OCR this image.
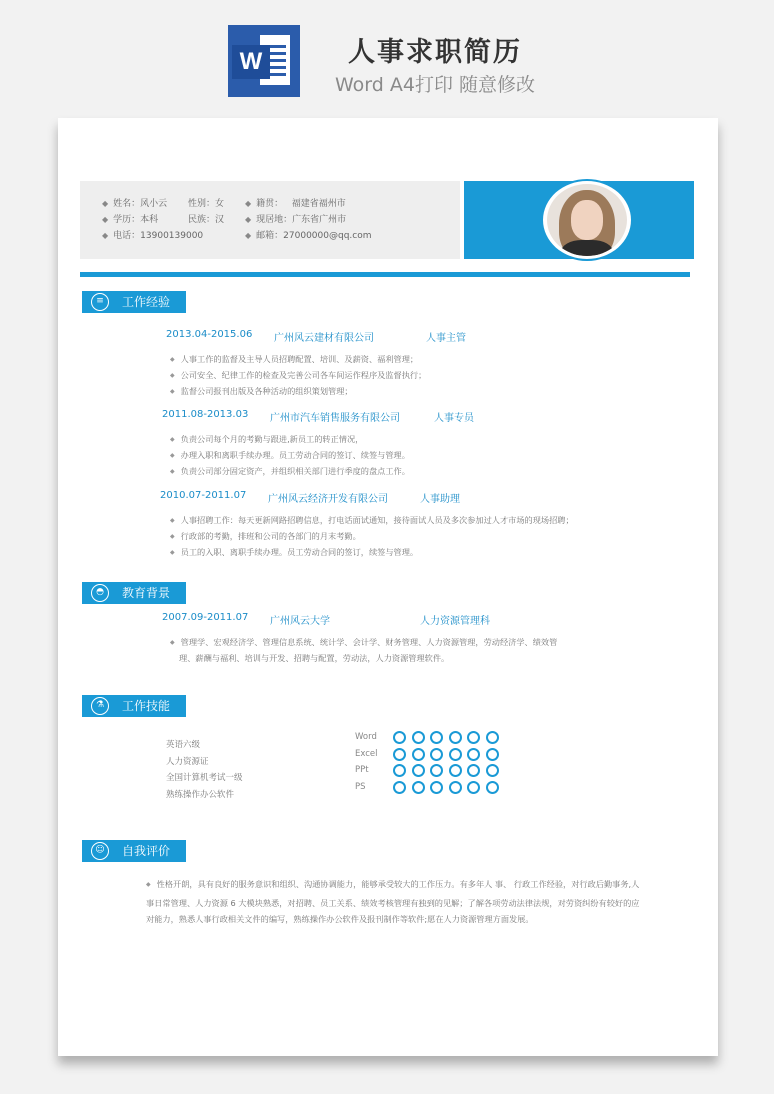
W	人事求职简历
Word A4打印 随意修改
◆ 姓名：风小云 性别：女	◆ 籍贯： 福建省福州市
◆ 学历：本科	民族：汉	◆ 现居地：广东省广州市
◆ 电话：13900139000	◆ 邮箱：27000000@qq.com
≡	工作经验
2013.04-2015.06 广州风云建材有限公司	人事主管
◆ 人事工作的监督及主导人员招聘配置、培训、及薪资、福利管理；
◆ 公司安全、纪律工作的检查及完善公司各车间运作程序及监督执行；
◆ 监督公司报刊出版及各种活动的组织策划管理；
2011.08-2013.03 广州市汽车销售服务有限公司	人事专员
◆ 负责公司每个月的考勤与跟进,新员工的转正情况，
◆ 办理入职和离职手续办理。员工劳动合同的签订、续签与管理。
◆ 负责公司部分固定资产，并组织相关部门进行季度的盘点工作。
2010.07-2011.07 广州风云经济开发有限公司	人事助理
◆ 人事招聘工作：每天更新网路招聘信息，打电话面试通知，接待面试人员及多次参加过人才市场的现场招聘；
◆ 行政部的考勤，排班和公司的各部门的月末考勤。
◆ 员工的入职、离职手续办理。员工劳动合同的签订，续签与管理。
◓	教育背景
2007.09-2011.07 广州风云大学	人力资源管理科
◆ 管理学、宏观经济学、管理信息系统、统计学、会计学、财务管理、人力资源管理，劳动经济学、绩效管
理、薪酬与福利、培训与开发、招聘与配置，劳动法，人力资源管理软件。
⚗	工作技能
英语六级
人力资源证
全国计算机考试一级
熟练操作办公软件
Word
Excel
PPt
PS
☺	自我评价
◆ 性格开朗，具有良好的服务意识和组织、沟通协调能力，能够承受较大的工作压力。有多年人 事、 行政工作经验，对行政后勤事务,人事日常管理、人力资源 6 大模块熟悉，对招聘、员工关系、绩效考核管理有独到的见解；了解各项劳动法律法规，对劳资纠纷有较好的应对能力，熟悉人事行政相关文件的编写，熟练操作办公软件及报刊制作等软件;愿在人力资源管理方面发展。
